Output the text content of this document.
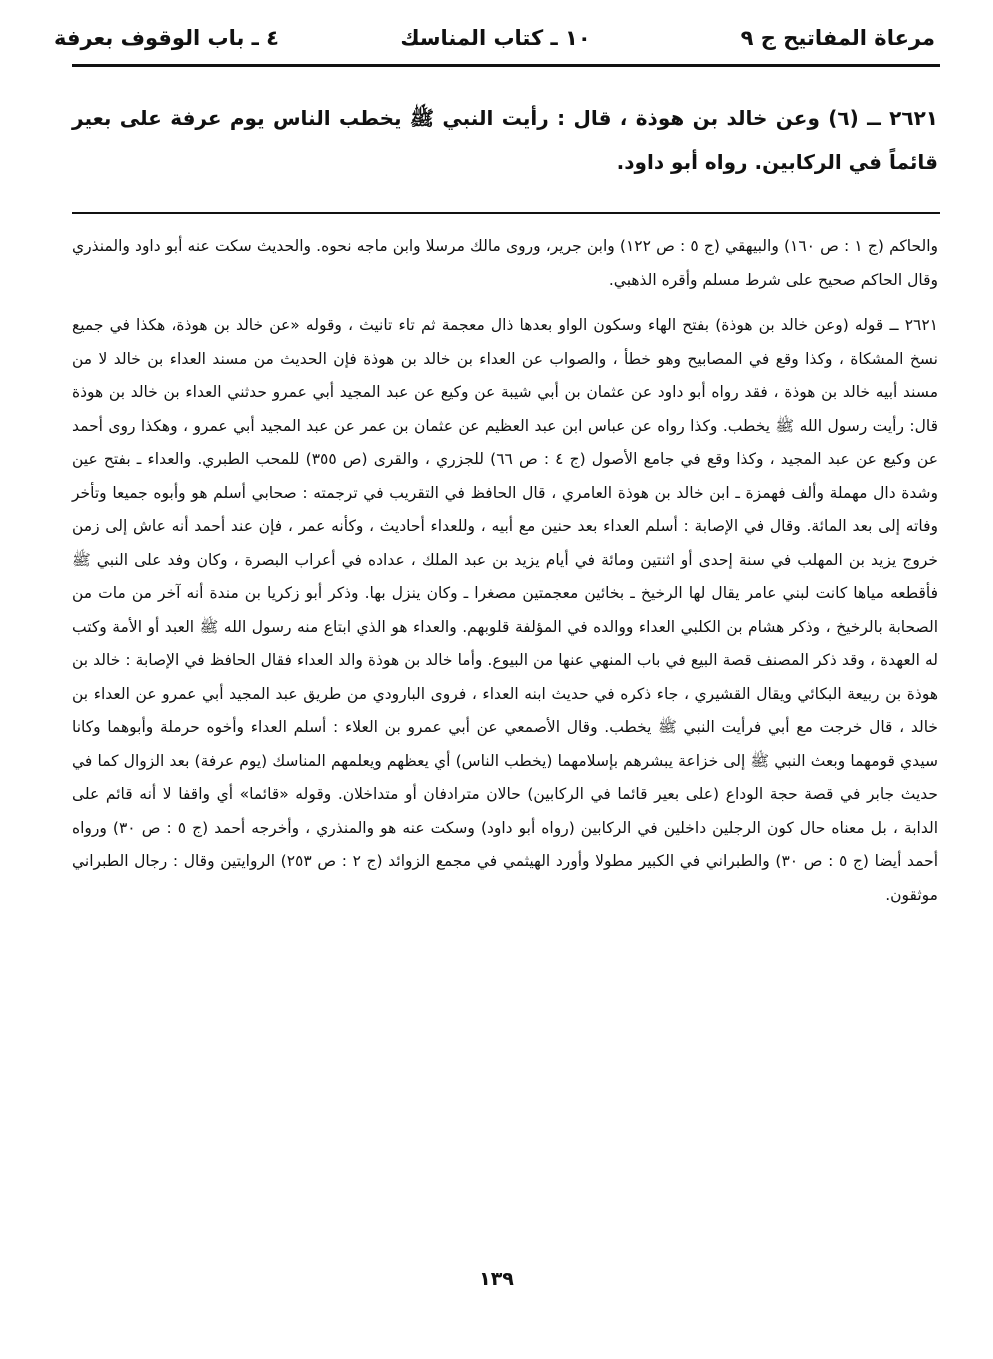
مرعاة المفاتيح ج ٩
١٠ ـ كتاب المناسك
٤ ـ باب الوقوف بعرفة
٢٦٢١ ــ (٦) وعن خالد بن هوذة ، قال : رأيت النبي ﷺ يخطب الناس يوم عرفة على بعير قائماً في الركابين. رواه أبو داود.

والحاكم (ج ١ : ص ١٦٠) والبيهقي (ج ٥ : ص ١٢٢) وابن جرير، وروى مالك مرسلا وابن ماجه نحوه. والحديث سكت عنه أبو داود والمنذري وقال الحاكم صحيح على شرط مسلم وأقره الذهبي.

٢٦٢١ ــ قوله (وعن خالد بن هوذة) بفتح الهاء وسكون الواو بعدها ذال معجمة ثم تاء تانيث ، وقوله «عن خالد بن هوذة، هكذا في جميع نسخ المشكاة ، وكذا وقع في المصابيح وهو خطأ ، والصواب عن العداء بن خالد بن هوذة فإن الحديث من مسند العداء بن خالد لا من مسند أبيه خالد بن هوذة ، فقد رواه أبو داود عن عثمان بن أبي شيبة عن وكيع عن عبد المجيد أبي عمرو حدثني العداء بن خالد بن هوذة قال: رأيت رسول الله ﷺ يخطب. وكذا رواه عن عباس ابن عبد العظيم عن عثمان بن عمر عن عبد المجيد أبي عمرو ، وهكذا روى أحمد عن وكيع عن عبد المجيد ، وكذا وقع في جامع الأصول (ج ٤ : ص ٦٦) للجزري ، والقرى (ص ٣٥٥) للمحب الطبري. والعداء ـ بفتح عين وشدة دال مهملة وألف فهمزة ـ ابن خالد بن هوذة العامري ، قال الحافظ في التقريب في ترجمته : صحابي أسلم هو وأبوه جميعا وتأخر وفاته إلى بعد المائة. وقال في الإصابة : أسلم العداء بعد حنين مع أبيه ، وللعداء أحاديث ، وكأنه عمر ، فإن عند أحمد أنه عاش إلى زمن خروج يزيد بن المهلب في سنة إحدى أو اثنتين ومائة في أيام يزيد بن عبد الملك ، عداده في أعراب البصرة ، وكان وفد على النبي ﷺ فأقطعه مياها كانت لبني عامر يقال لها الرخيخ ـ بخائين معجمتين مصغرا ـ وكان ينزل بها. وذكر أبو زكريا بن مندة أنه آخر من مات من الصحابة بالرخيخ ، وذكر هشام بن الكلبي العداء ووالده في المؤلفة قلوبهم. والعداء هو الذي ابتاع منه رسول الله ﷺ العبد أو الأمة وكتب له العهدة ، وقد ذكر المصنف قصة البيع في باب المنهي عنها من البيوع. وأما خالد بن هوذة والد العداء فقال الحافظ في الإصابة : خالد بن هوذة بن ربيعة البكائي ويقال القشيري ، جاء ذكره في حديث ابنه العداء ، فروى البارودي من طريق عبد المجيد أبي عمرو عن العداء بن خالد ، قال خرجت مع أبي فرأيت النبي ﷺ يخطب. وقال الأصمعي عن أبي عمرو بن العلاء : أسلم العداء وأخوه حرملة وأبوهما وكانا سيدي قومهما وبعث النبي ﷺ إلى خزاعة يبشرهم بإسلامهما (يخطب الناس) أي يعظهم ويعلمهم المناسك (يوم عرفة) بعد الزوال كما في حديث جابر في قصة حجة الوداع (على بعير قائما في الركابين) حالان مترادفان أو متداخلان. وقوله «قائما» أي واقفا لا أنه قائم على الدابة ، بل معناه حال كون الرجلين داخلين في الركابين (رواه أبو داود) وسكت عنه هو والمنذري ، وأخرجه أحمد (ج ٥ : ص ٣٠) ورواه أحمد أيضا (ج ٥ : ص ٣٠) والطبراني في الكبير مطولا وأورد الهيثمي في مجمع الزوائد (ج ٢ : ص ٢٥٣) الروايتين وقال : رجال الطبراني موثقون.

١٣٩
